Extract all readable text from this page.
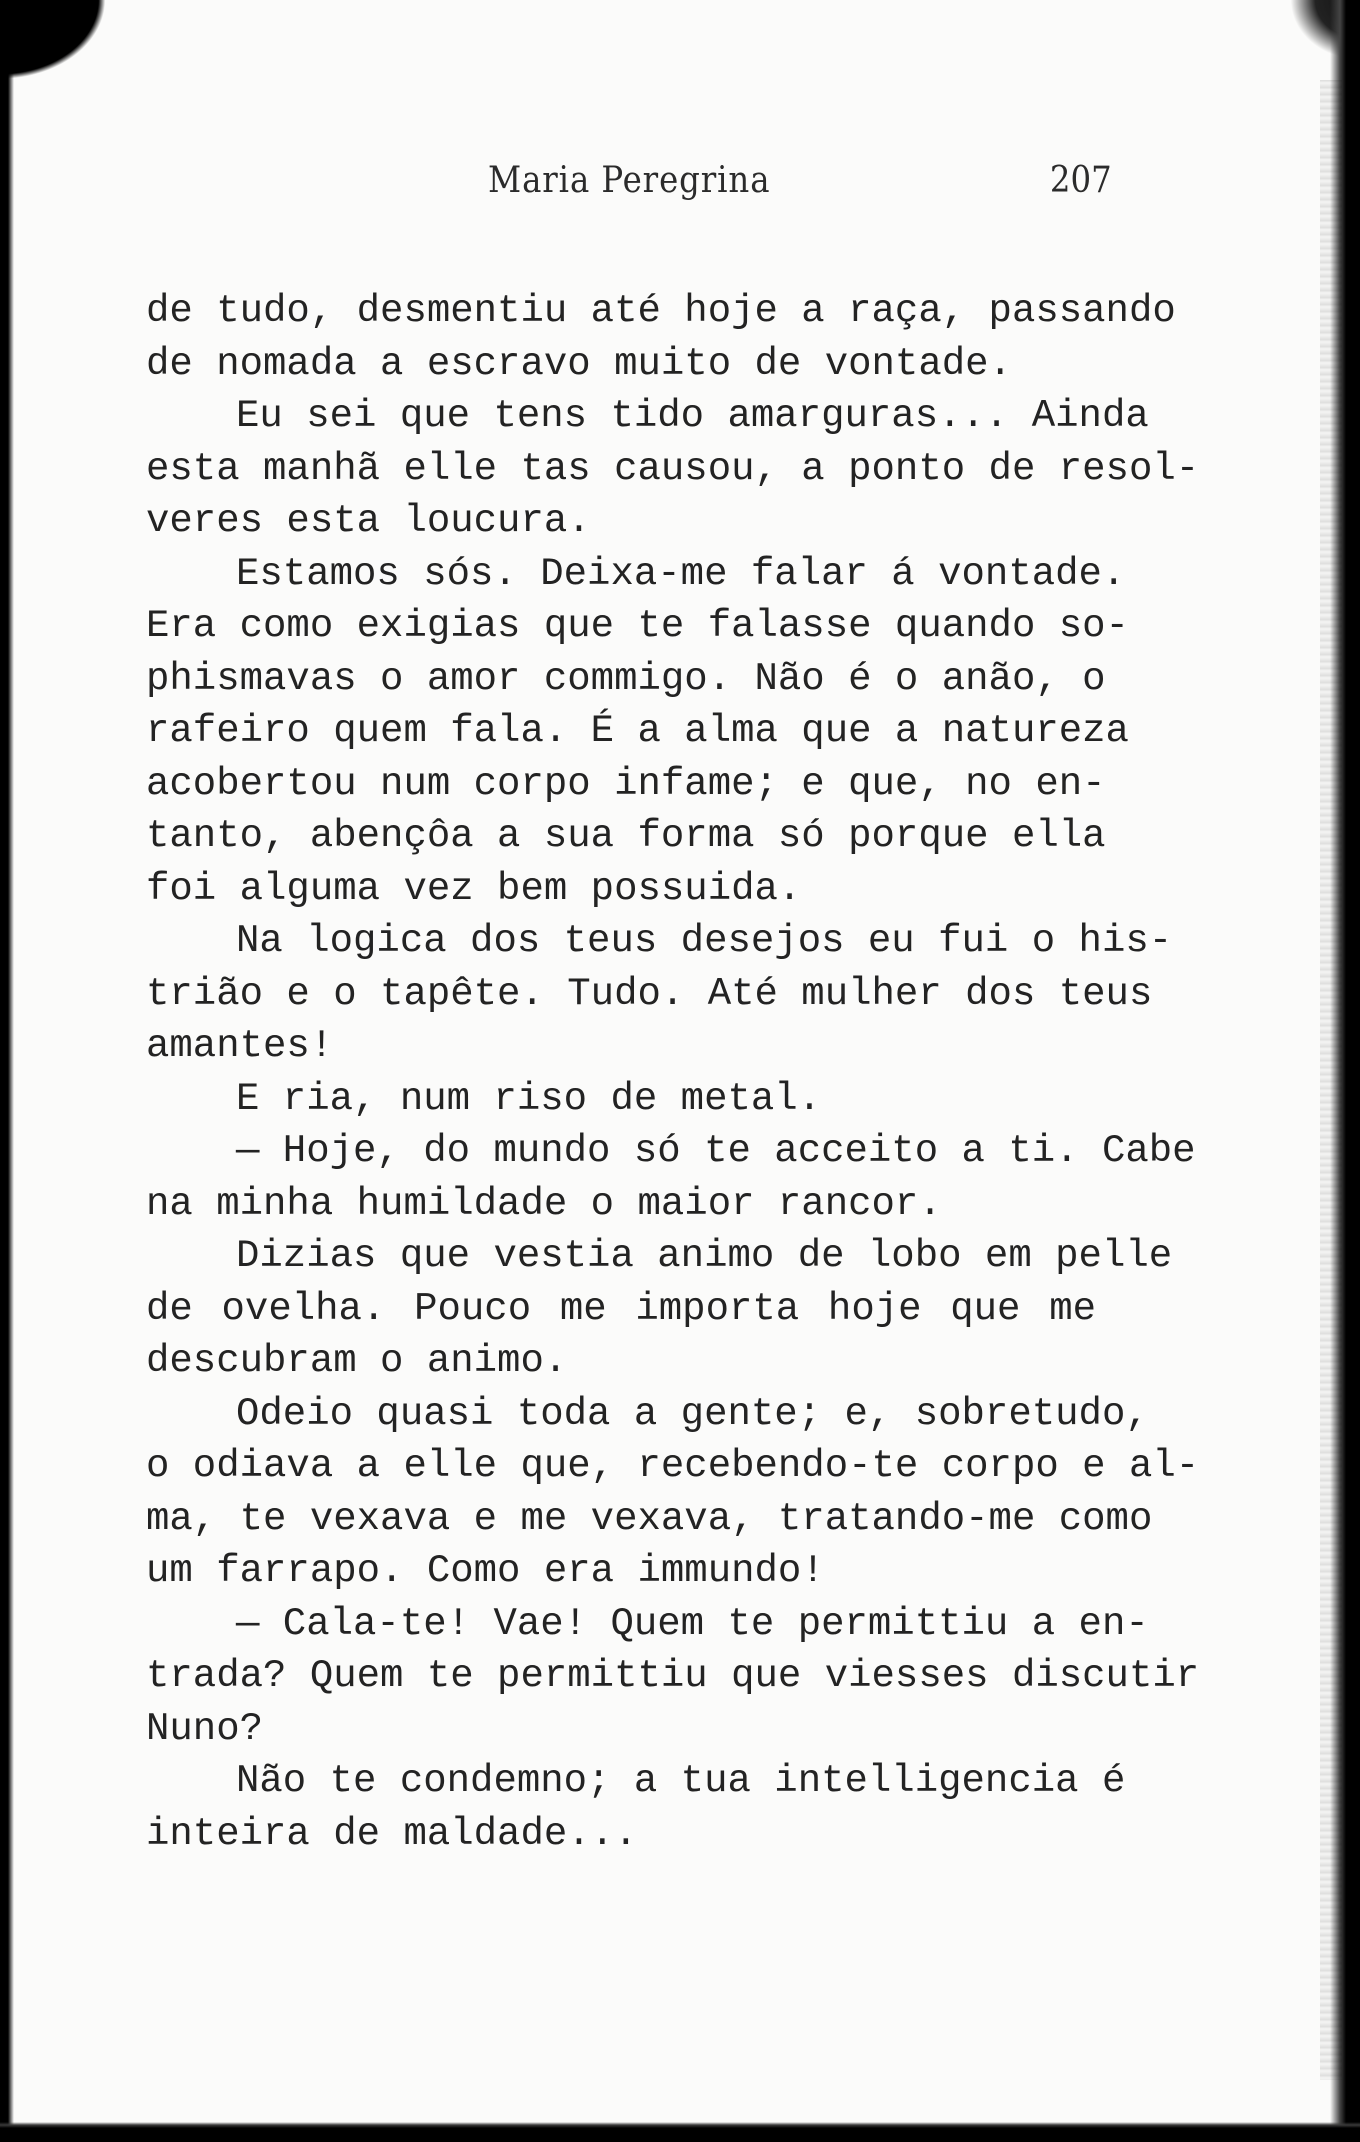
Maria Peregrina	207
de tudo, desmentiu até hoje a raça, passando
de nomada a escravo muito de vontade.
Eu sei que tens tido amarguras... Ainda
esta manhã elle tas causou, a ponto de resol-
veres esta loucura.
Estamos sós. Deixa-me falar á vontade.
Era como exigias que te falasse quando so-
phismavas o amor commigo. Não é o anão, o
rafeiro quem fala. É a alma que a natureza
acobertou num corpo infame; e que, no en-
tanto, abençôa a sua forma só porque ella
foi alguma vez bem possuida.
Na logica dos teus desejos eu fui o his-
trião e o tapête. Tudo. Até mulher dos teus
amantes!
E ria, num riso de metal.
— Hoje, do mundo só te acceito a ti. Cabe
na minha humildade o maior rancor.
Dizias que vestia animo de lobo em pelle
de ovelha. Pouco me importa hoje que me
descubram o animo.
Odeio quasi toda a gente; e, sobretudo,
o odiava a elle que, recebendo-te corpo e al-
ma, te vexava e me vexava, tratando-me como
um farrapo. Como era immundo!
— Cala-te! Vae! Quem te permittiu a en-
trada? Quem te permittiu que viesses discutir
Nuno?
Não te condemno; a tua intelligencia é
inteira de maldade...
